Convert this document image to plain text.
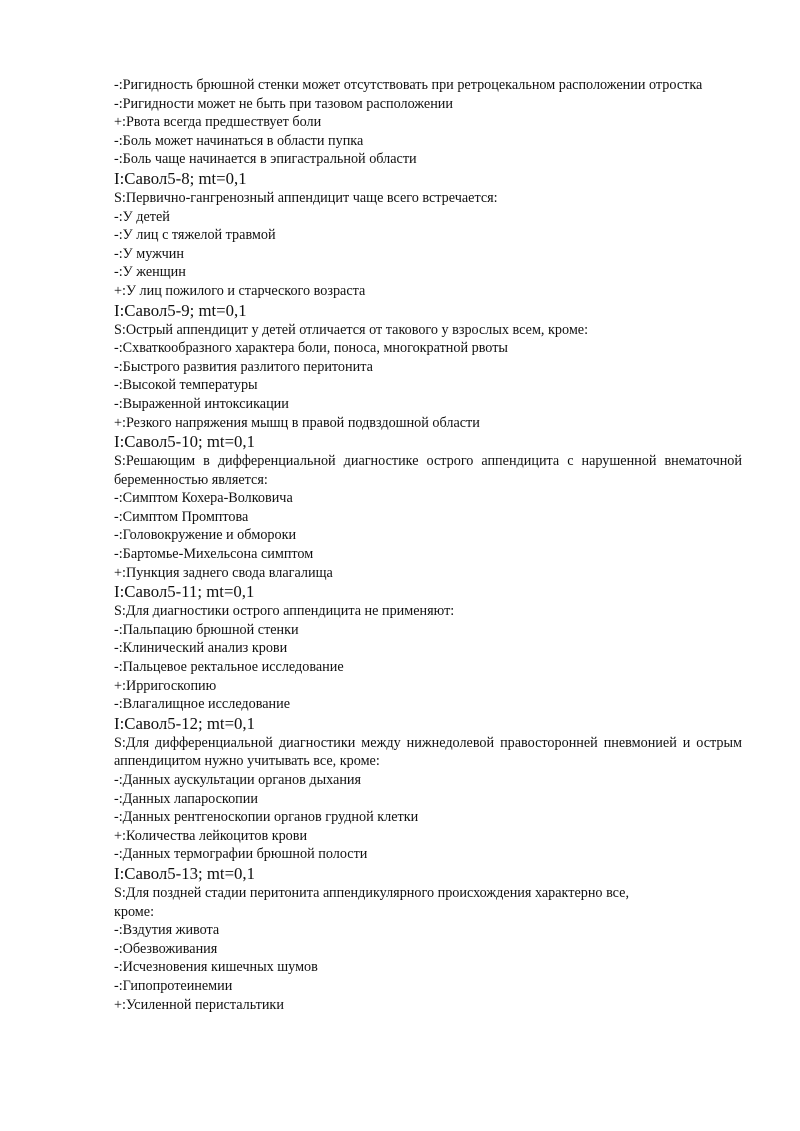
-:Ригидность брюшной стенки может отсутствовать при ретроцекальном расположении отростка
-:Ригидности может не быть при тазовом расположении
+:Рвота всегда предшествует боли
-:Боль может начинаться в области пупка
-:Боль чаще начинается в эпигастральной области
I:Савол5-8; mt=0,1
S:Первично-гангренозный аппендицит чаще всего встречается:
-:У детей
-:У лиц с тяжелой травмой
-:У мужчин
-:У женщин
+:У лиц пожилого и старческого возраста
I:Савол5-9; mt=0,1
S:Острый аппендицит у детей отличается от такового у взрослых всем, кроме:
-:Схваткообразного характера боли, поноса, многократной рвоты
-:Быстрого развития разлитого перитонита
-:Высокой температуры
-:Выраженной интоксикации
+:Резкого напряжения мышц в правой подвздошной области
I:Савол5-10; mt=0,1
S:Решающим в дифференциальной диагностике острого аппендицита с нарушенной внематочной беременностью является:
-:Симптом Кохера-Волковича
-:Симптом Промптова
-:Головокружение и обмороки
-:Бартомье-Михельсона симптом
+:Пункция заднего свода влагалища
I:Савол5-11; mt=0,1
S:Для диагностики острого аппендицита не применяют:
-:Пальпацию брюшной стенки
-:Клинический анализ крови
-:Пальцевое ректальное исследование
+:Ирригоскопию
-:Влагалищное исследование
I:Савол5-12; mt=0,1
S:Для дифференциальной диагностики между нижнедолевой правосторонней пневмонией и острым аппендицитом нужно учитывать все, кроме:
-:Данных аускультации органов дыхания
-:Данных лапароскопии
-:Данных рентгеноскопии органов грудной клетки
+:Количества лейкоцитов крови
-:Данных термографии брюшной полости
I:Савол5-13; mt=0,1
S:Для поздней стадии перитонита аппендикулярного происхождения характерно все,
кроме:
-:Вздутия живота
-:Обезвоживания
-:Исчезновения кишечных шумов
-:Гипопротеинемии
+:Усиленной перистальтики
